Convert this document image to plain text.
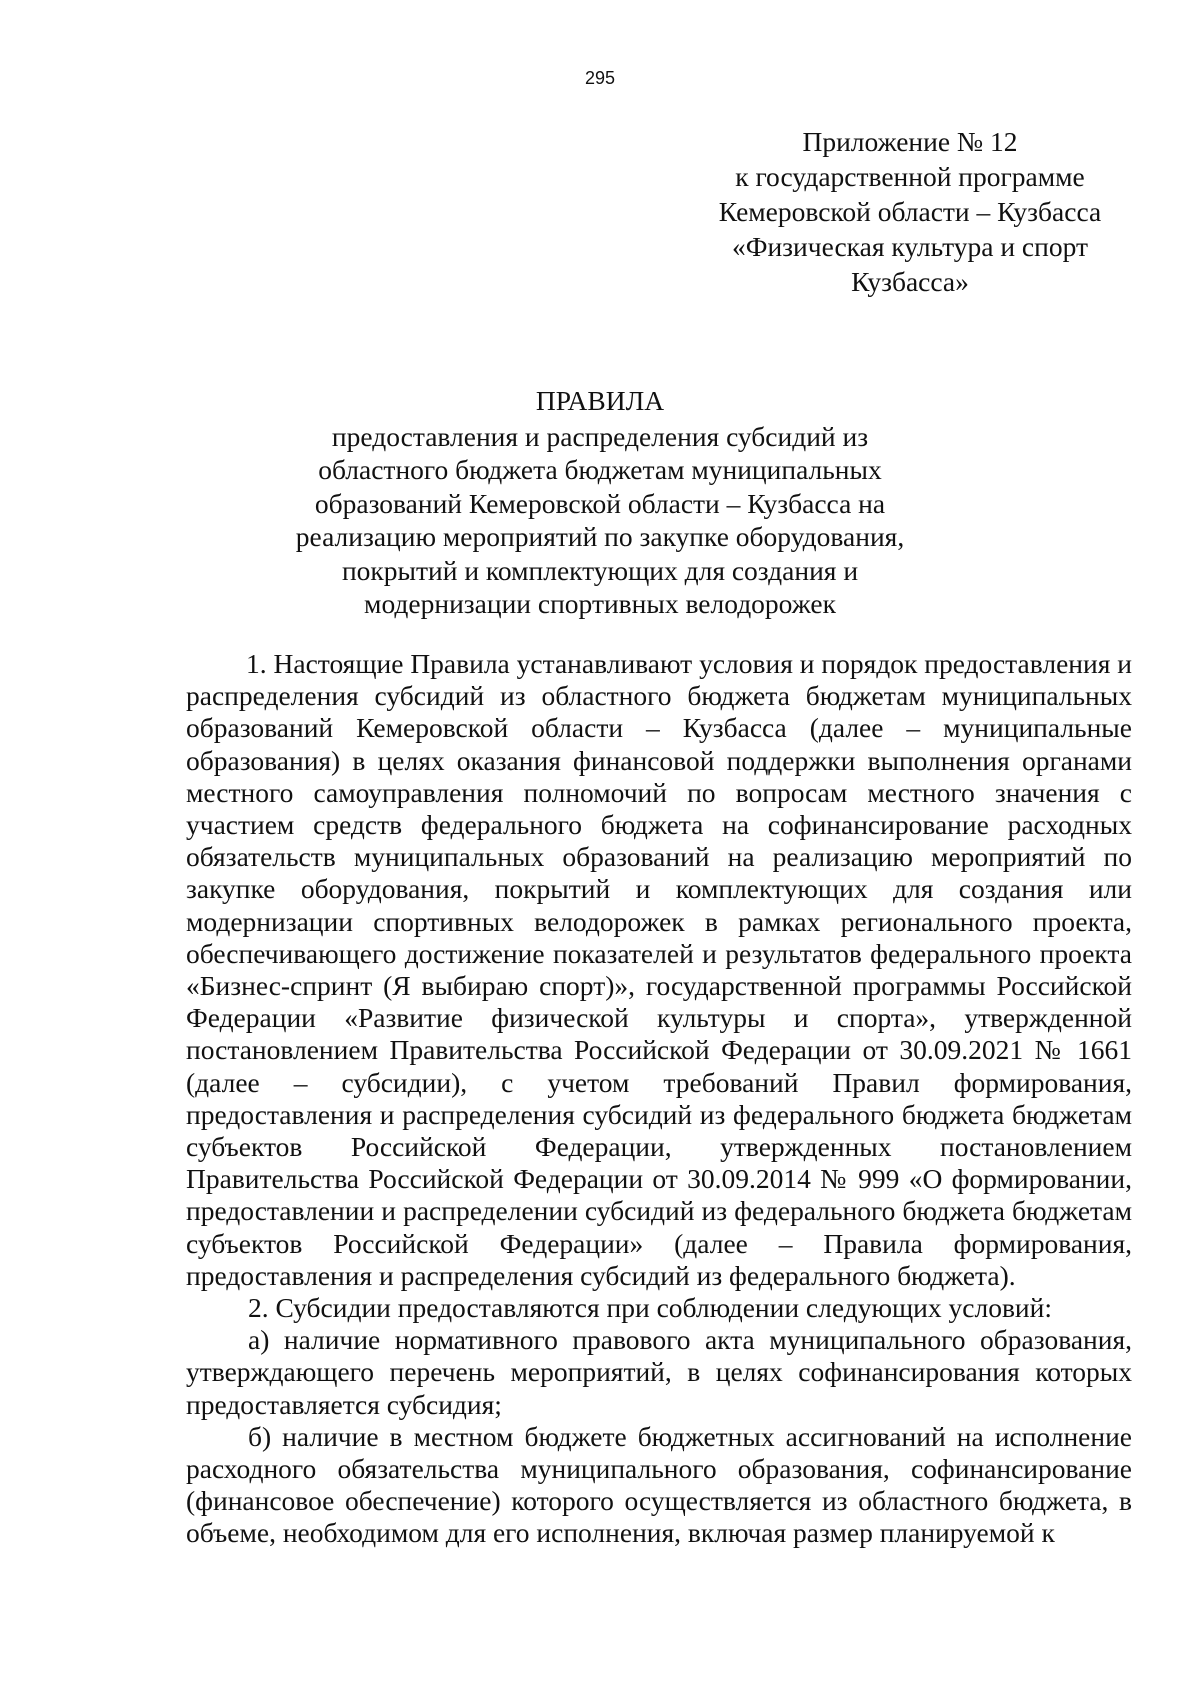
295
Приложение № 12
к государственной программе
Кемеровской области – Кузбасса
«Физическая культура и спорт
Кузбасса»
ПРАВИЛА
предоставления и распределения субсидий из
областного бюджета бюджетам муниципальных
образований Кемеровской области – Кузбасса на
реализацию мероприятий по закупке оборудования,
покрытий и комплектующих для создания и
модернизации спортивных велодорожек

1. Настоящие Правила устанавливают условия и порядок предоставления и распределения субсидий из областного бюджета бюджетам муниципальных образований Кемеровской области – Кузбасса (далее – муниципальные образования) в целях оказания финансовой поддержки выполнения органами местного самоуправления полномочий по вопросам местного значения с участием средств федерального бюджета на софинансирование расходных обязательств муниципальных образований на реализацию мероприятий по закупке оборудования, покрытий и комплектующих для создания или модернизации спортивных велодорожек в рамках регионального проекта, обеспечивающего достижение показателей и результатов федерального проекта «Бизнес-спринт (Я выбираю спорт)», государственной программы Российской Федерации «Развитие физической культуры и спорта», утвержденной постановлением Правительства Российской Федерации от 30.09.2021 № 1661 (далее – субсидии), с учетом требований Правил формирования, предоставления и распределения субсидий из федерального бюджета бюджетам субъектов Российской Федерации, утвержденных постановлением Правительства Российской Федерации от 30.09.2014 № 999 «О формировании, предоставлении и распределении субсидий из федерального бюджета бюджетам субъектов Российской Федерации» (далее – Правила формирования, предоставления и распределения субсидий из федерального бюджета).

2. Субсидии предоставляются при соблюдении следующих условий:

а) наличие нормативного правового акта муниципального образования, утверждающего перечень мероприятий, в целях софинансирования которых предоставляется субсидия;

б) наличие в местном бюджете бюджетных ассигнований на исполнение расходного обязательства муниципального образования, софинансирование (финансовое обеспечение) которого осуществляется из областного бюджета, в объеме, необходимом для его исполнения, включая размер планируемой к
